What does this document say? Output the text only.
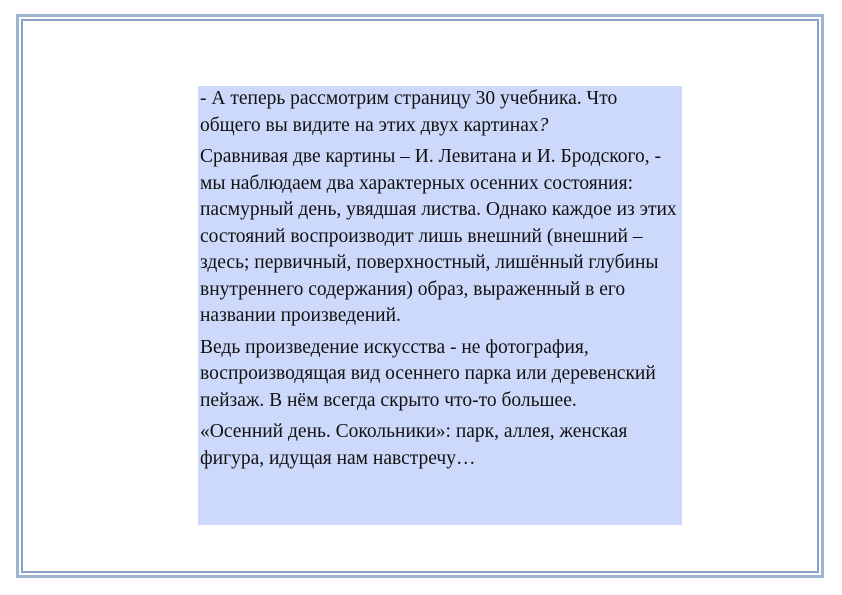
- А теперь рассмотрим страницу 30 учебника. Что общего вы видите на этих двух картинах?

Сравнивая две картины – И. Левитана и И. Бродского, - мы наблюдаем два характерных осенних состояния: пасмурный день, увядшая листва. Однако каждое из этих состояний воспроизводит лишь внешний (внешний – здесь; первичный, поверхностный, лишённый глубины внутреннего содержания) образ, выраженный в его названии произведений.

Ведь произведение искусства - не фотография, воспроизводящая вид осеннего парка или деревенский пейзаж. В нём всегда скрыто что-то большее.

«Осенний день. Сокольники»: парк, аллея, женская фигура, идущая нам навстречу…
